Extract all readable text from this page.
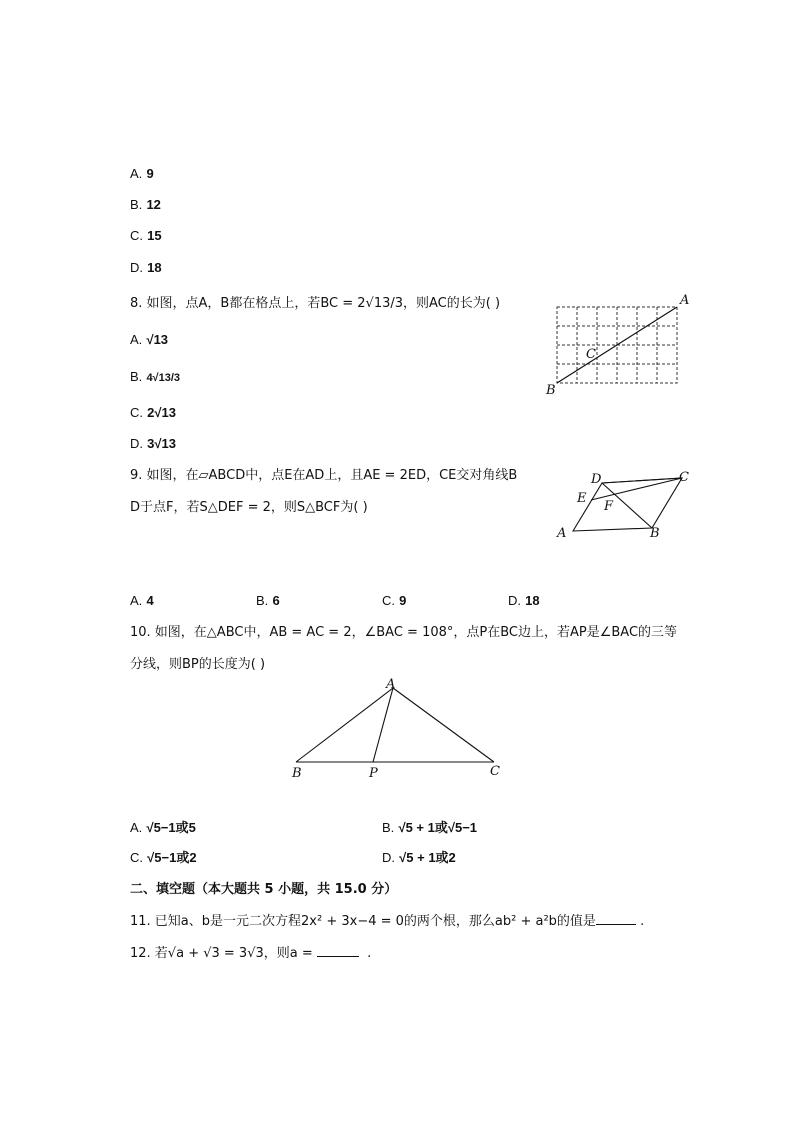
A. 9
B. 12
C. 15
D. 18
8. 如图，点A，B都在格点上，若BC = 2√13/3，则AC的长为( )
A. √13
B. 4√13/3
C. 2√13
D. 3√13
A
B
C
9. 如图，在▱ABCD中，点E在AD上，且AE = 2ED，CE交对角线B
D于点F，若S△DEF = 2，则S△BCF为( )
A	B
C
D
E
F
A. 4	B. 6	C. 9	D. 18
10. 如图，在△ABC中，AB = AC = 2，∠BAC = 108°，点P在BC边上，若AP是∠BAC的三等
分线，则BP的长度为( )
A
B	C
P
A. √5−1或5	B. √5 + 1或√5−1
C. √5−1或2	D. √5 + 1或2
二、填空题（本大题共 5 小题，共 15.0 分）
11. 已知a、b是一元二次方程2x² + 3x−4 = 0的两个根，那么ab² + a²b的值是	.
12. 若√a + √3 = 3√3，则a =	.
